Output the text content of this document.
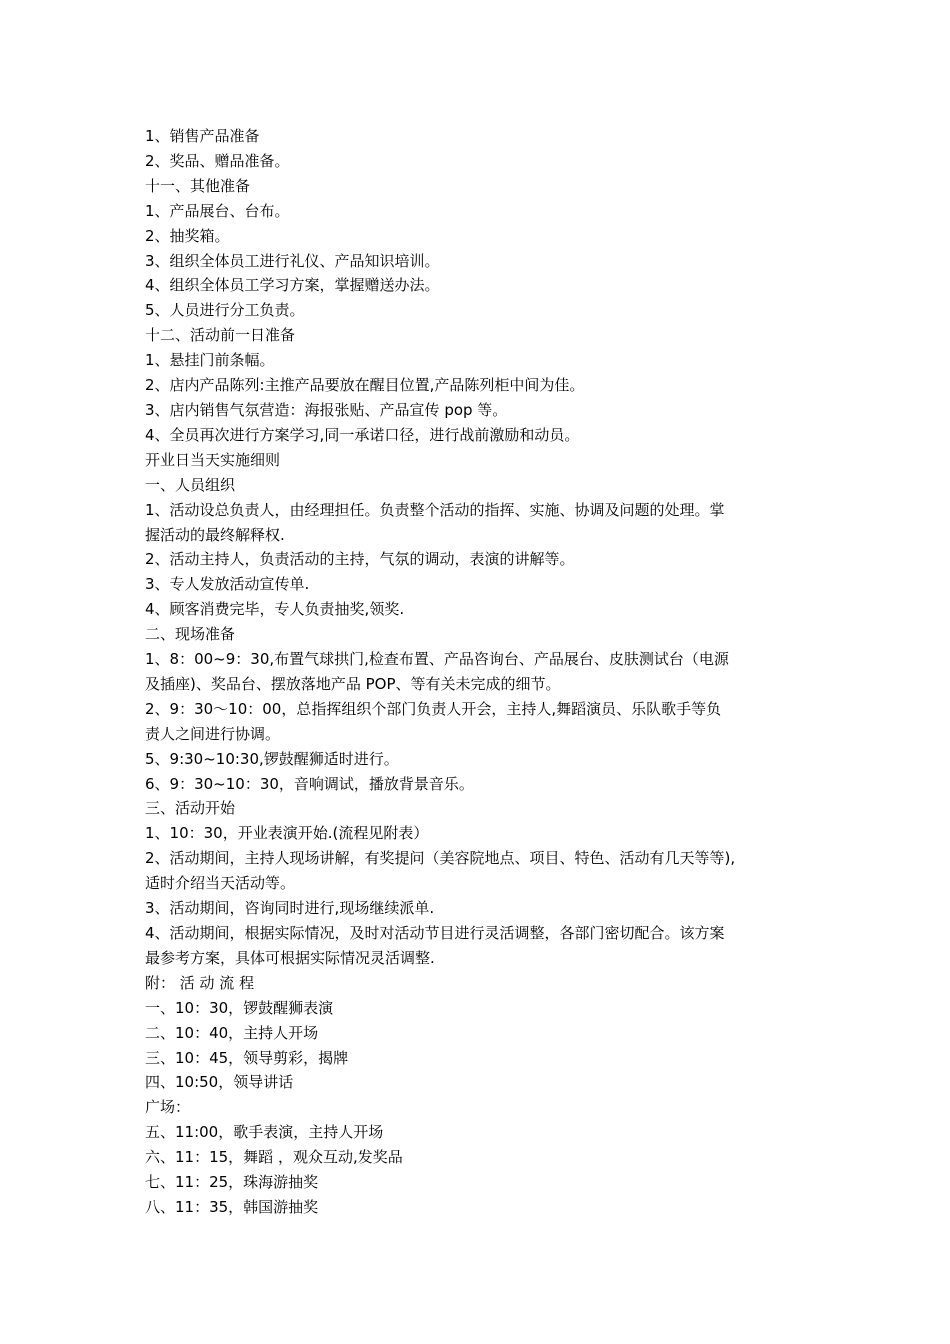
1、销售产品准备
2、奖品、赠品准备。
十一、其他准备
1、产品展台、台布。
2、抽奖箱。
3、组织全体员工进行礼仪、产品知识培训。
4、组织全体员工学习方案，掌握赠送办法。
5、人员进行分工负责。
十二、活动前一日准备
1、悬挂门前条幅。
2、店内产品陈列:主推产品要放在醒目位置,产品陈列柜中间为佳。
3、店内销售气氛营造：海报张贴、产品宣传 pop 等。
4、全员再次进行方案学习,同一承诺口径，进行战前激励和动员。
开业日当天实施细则
一、人员组织
1、活动设总负责人，由经理担任。负责整个活动的指挥、实施、协调及问题的处理。掌
握活动的最终解释权.
2、活动主持人，负责活动的主持，气氛的调动，表演的讲解等。
3、专人发放活动宣传单.
4、顾客消费完毕，专人负责抽奖,领奖.
二、现场准备
1、8：00~9：30,布置气球拱门,检查布置、产品咨询台、产品展台、皮肤测试台（电源
及插座)、奖品台、摆放落地产品 POP、等有关未完成的细节。
2、9：30～10：00，总指挥组织个部门负责人开会，主持人,舞蹈演员、乐队歌手等负
责人之间进行协调。
5、9:30~10:30,锣鼓醒狮适时进行。
6、9：30~10：30，音响调试，播放背景音乐。
三、活动开始
1、10：30，开业表演开始.(流程见附表）
2、活动期间，主持人现场讲解，有奖提问（美容院地点、项目、特色、活动有几天等等),
适时介绍当天活动等。
3、活动期间，咨询同时进行,现场继续派单.
4、活动期间，根据实际情况，及时对活动节目进行灵活调整，各部门密切配合。该方案
最参考方案，具体可根据实际情况灵活调整.
附： 活 动 流 程
一、10：30，锣鼓醒狮表演
二、10：40，主持人开场
三、10：45，领导剪彩，揭牌
四、10:50，领导讲话
广场：
五、11:00，歌手表演，主持人开场
六、11：15，舞蹈 ，观众互动,发奖品
七、11：25，珠海游抽奖
八、11：35，韩国游抽奖
